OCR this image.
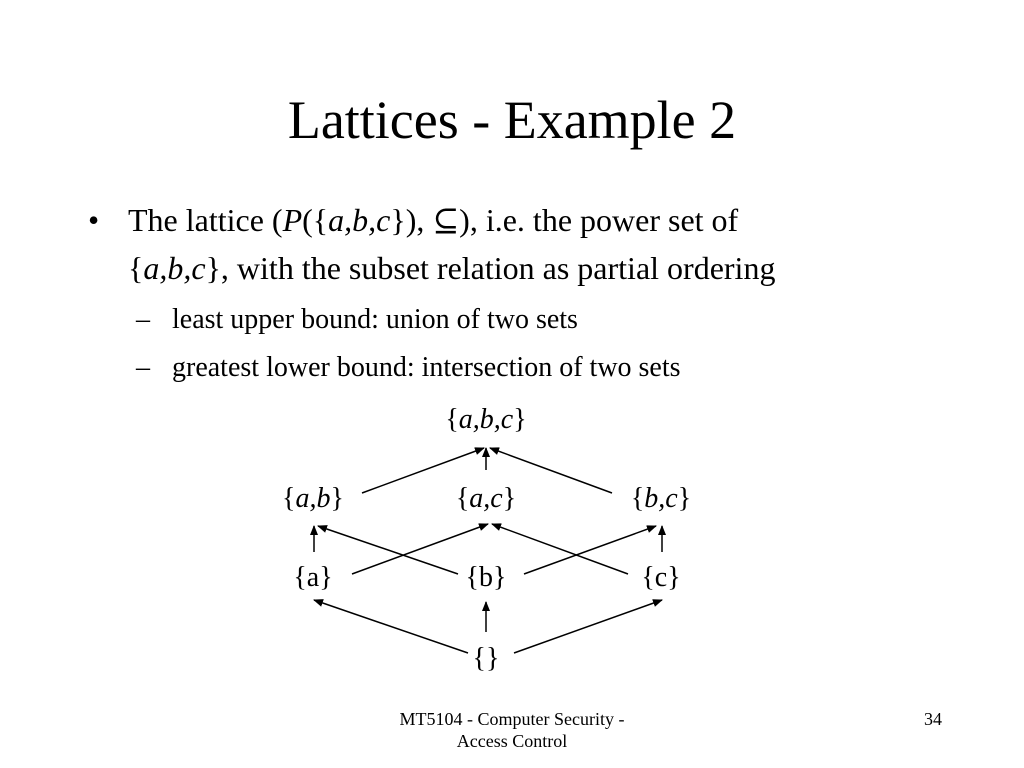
Lattices - Example 2
• The lattice (P({a,b,c}), ⊆), i.e. the power set of
{a,b,c}, with the subset relation as partial ordering
– least upper bound: union of two sets
– greatest lower bound: intersection of two sets
{a,b,c}
{a,b}	{a,c}	{b,c}
{a}	{b}	{c}
{}
MT5104 - Computer Security -
Access Control
34
